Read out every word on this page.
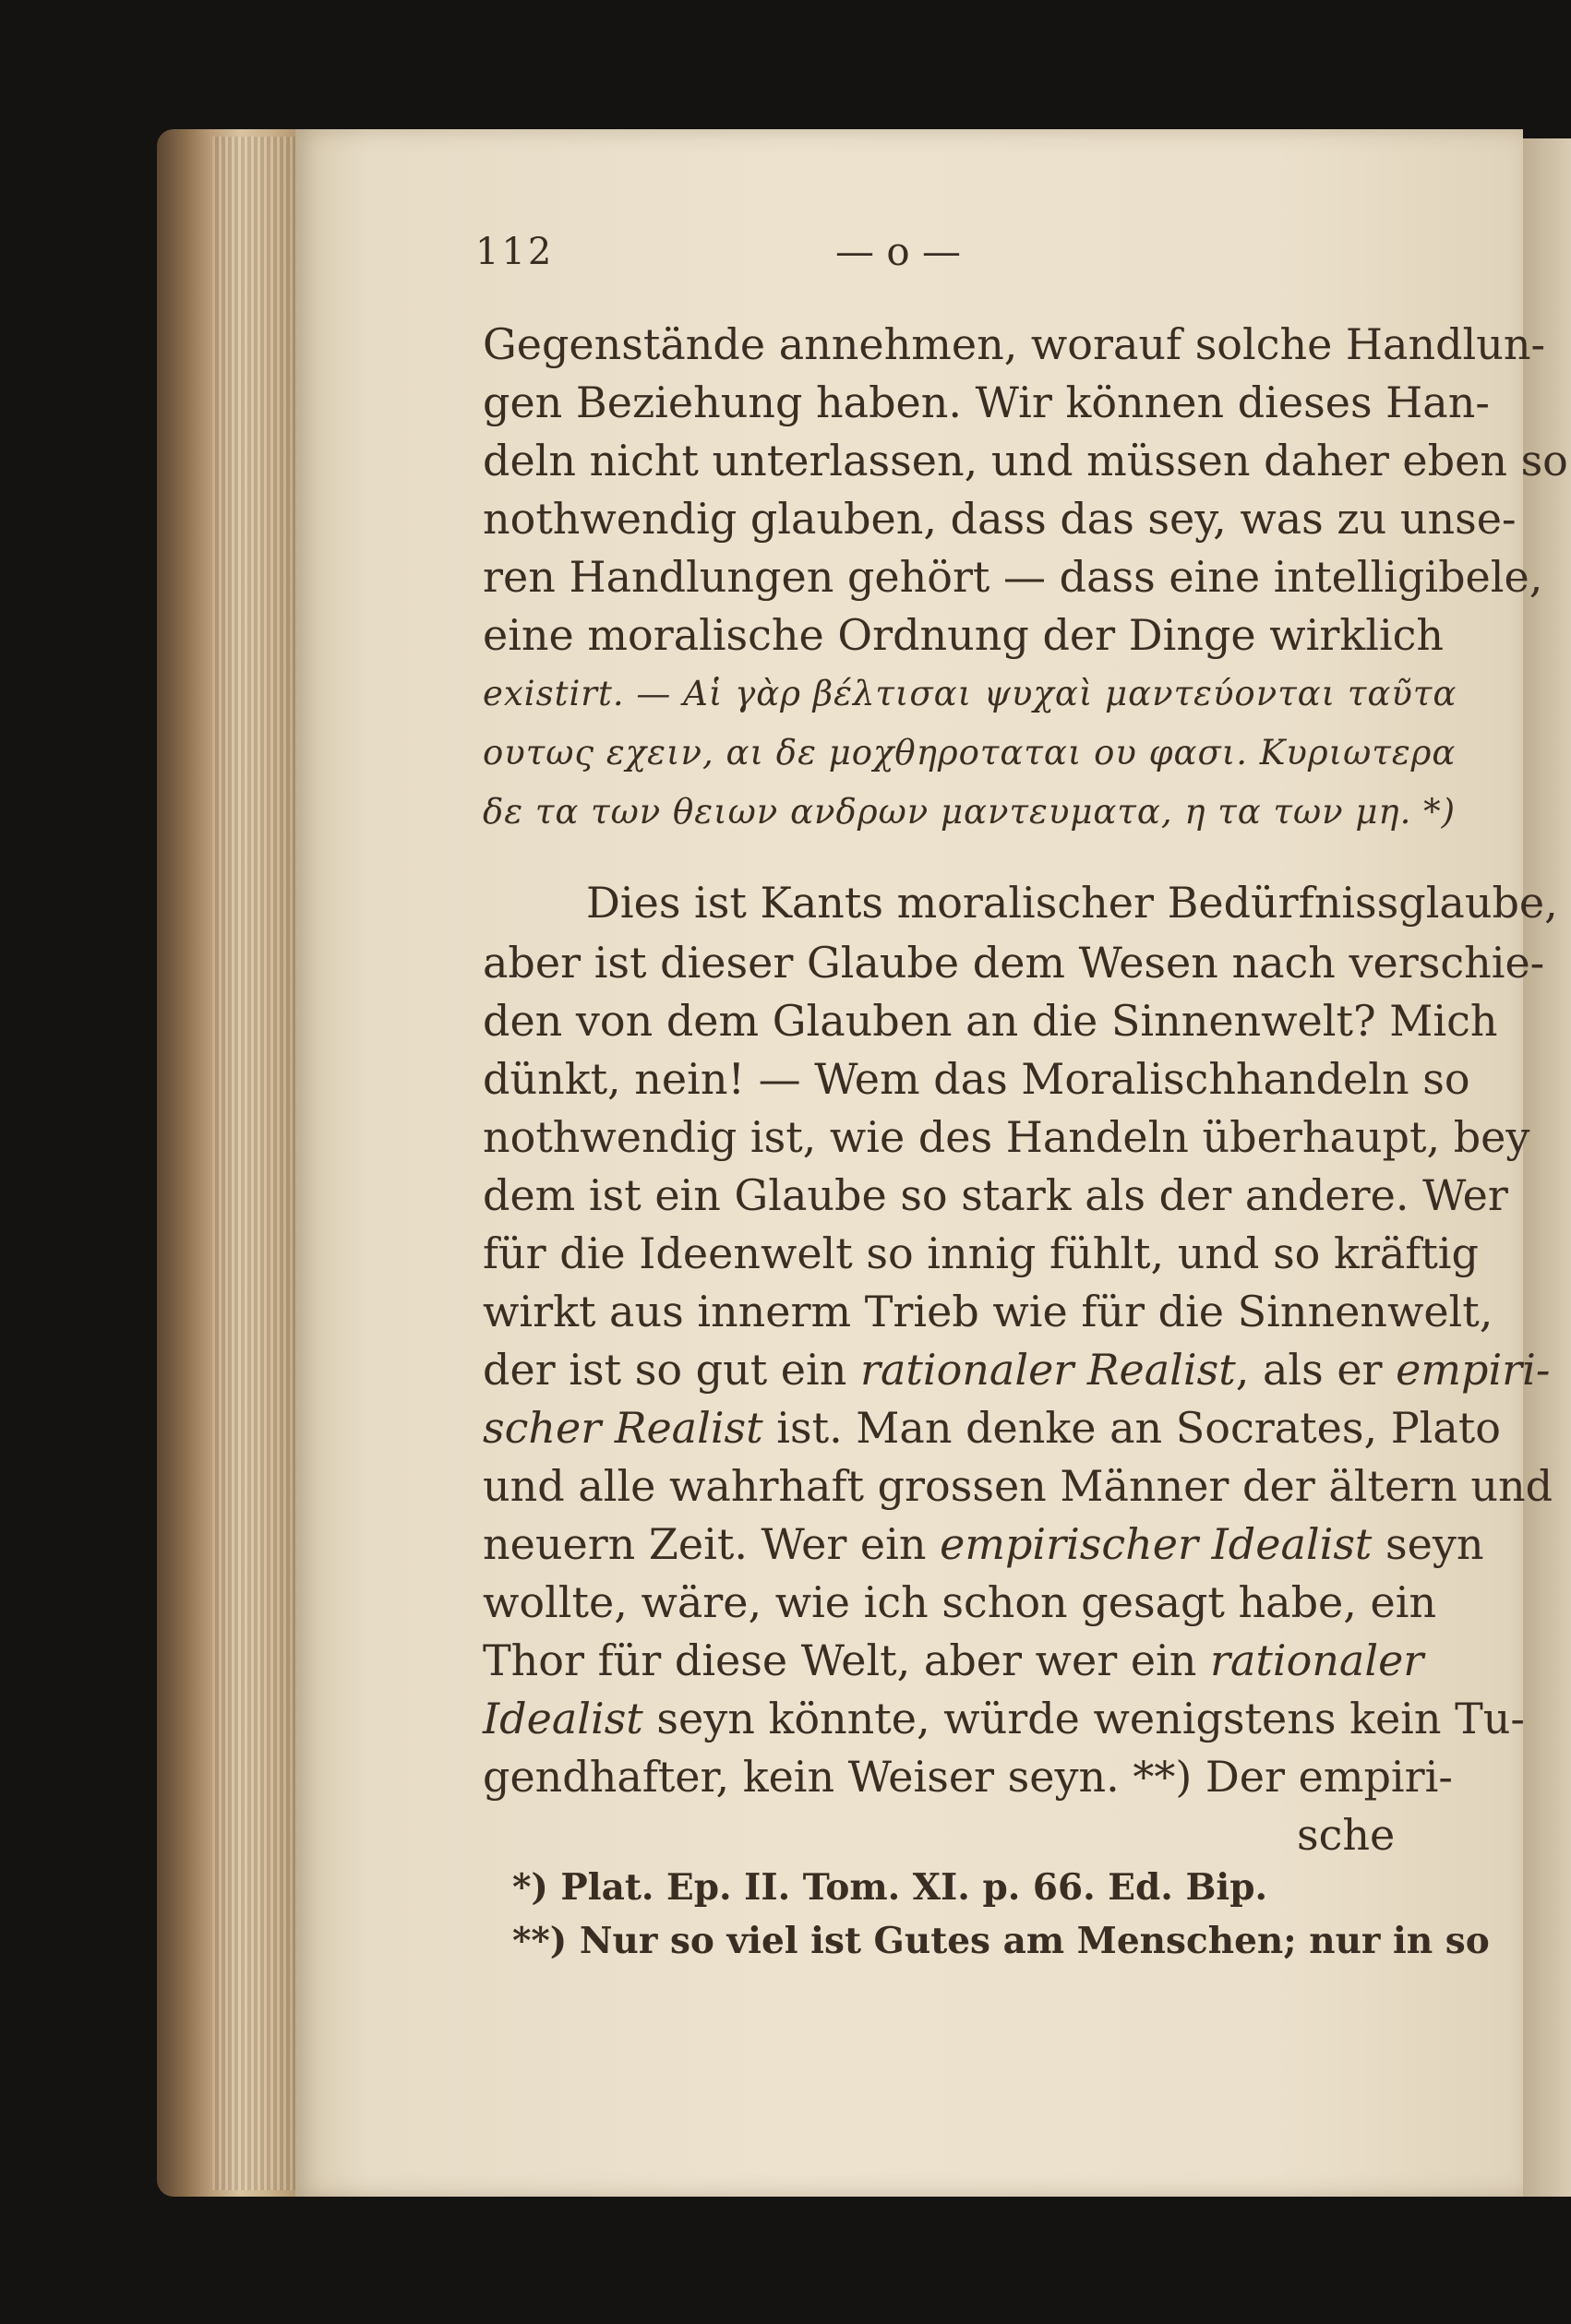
112	— o —
Gegenstände annehmen, worauf solche Handlun-
gen Beziehung haben. Wir können dieses Han-
deln nicht unterlassen, und müssen daher eben so
nothwendig glauben, dass das sey, was zu unse-
ren Handlungen gehört — dass eine intelligibele,
eine moralische Ordnung der Dinge wirklich
existirt. — Αἱ γὰρ βέλτισαι ψυχαὶ μαντεύονται ταῦτα
ουτως εχειν, αι δε μοχθηροταται ου φασι. Κυριωτερα
δε τα των θειων ανδρων μαντευματα, η τα των μη. *)
Dies ist Kants moralischer Bedürfnissglaube,
aber ist dieser Glaube dem Wesen nach verschie-
den von dem Glauben an die Sinnenwelt? Mich
dünkt, nein! — Wem das Moralischhandeln so
nothwendig ist, wie des Handeln überhaupt, bey
dem ist ein Glaube so stark als der andere. Wer
für die Ideenwelt so innig fühlt, und so kräftig
wirkt aus innerm Trieb wie für die Sinnenwelt,
der ist so gut ein rationaler Realist, als er empiri-
scher Realist ist. Man denke an Socrates, Plato
und alle wahrhaft grossen Männer der ältern und
neuern Zeit. Wer ein empirischer Idealist seyn
wollte, wäre, wie ich schon gesagt habe, ein
Thor für diese Welt, aber wer ein rationaler
Idealist seyn könnte, würde wenigstens kein Tu-
gendhafter, kein Weiser seyn. **) Der empiri-
sche
*) Plat. Ep. II. Tom. XI. p. 66. Ed. Bip.
**) Nur so viel ist Gutes am Menschen; nur in so
